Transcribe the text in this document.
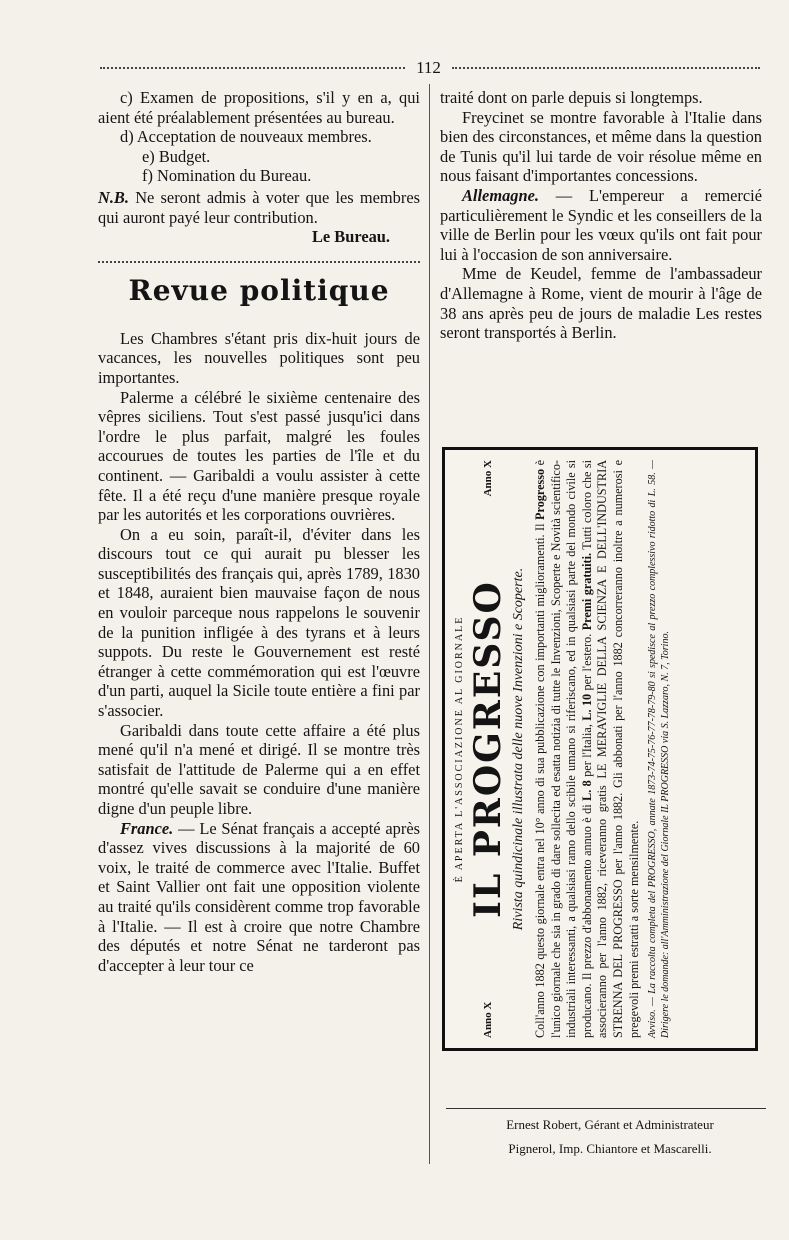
112

c) Examen de propositions, s'il y en a, qui aient été préalablement présentées au bureau.

d) Acceptation de nouveaux membres.

e) Budget.

f) Nomination du Bureau.

N.B. Ne seront admis à voter que les membres qui auront payé leur contribution.
Le Bureau.

Revue politique

Les Chambres s'étant pris dix-huit jours de vacances, les nouvelles politiques sont peu importantes.

Palerme a célébré le sixième centenaire des vêpres siciliens. Tout s'est passé jusqu'ici dans l'ordre le plus parfait, malgré les foules accourues de toutes les parties de l'île et du continent. — Garibaldi a voulu assister à cette fête. Il a été reçu d'une manière presque royale par les autorités et les corporations ouvrières.

On a eu soin, paraît-il, d'éviter dans les discours tout ce qui aurait pu blesser les susceptibilités des français qui, après 1789, 1830 et 1848, auraient bien mauvaise façon de nous en vouloir parceque nous rappelons le souvenir de la punition infligée à des tyrans et à leurs suppots. Du reste le Gouvernement est resté étranger à cette commémoration qui est l'œuvre d'un parti, auquel la Sicile toute entière a fini par s'associer.

Garibaldi dans toute cette affaire a été plus mené qu'il n'a mené et dirigé. Il se montre très satisfait de l'attitude de Palerme qui a en effet montré qu'elle savait se conduire d'une manière digne d'un peuple libre.

France. — Le Sénat français a accepté après d'assez vives discussions à la majorité de 60 voix, le traité de commerce avec l'Italie. Buffet et Saint Vallier ont fait une opposition violente au traité qu'ils considèrent comme trop favorable à l'Italie. — Il est à croire que notre Chambre des députés et notre Sénat ne tarderont pas d'accepter à leur tour ce

traité dont on parle depuis si longtemps.

Freycinet se montre favorable à l'Italie dans bien des circonstances, et même dans la question de Tunis qu'il lui tarde de voir résolue même en nous faisant d'importantes concessions.

Allemagne. — L'empereur a remercié particulièrement le Syndic et les conseillers de la ville de Berlin pour les vœux qu'ils ont fait pour lui à l'occasion de son anniversaire.

Mme de Keudel, femme de l'ambassadeur d'Allemagne à Rome, vient de mourir à l'âge de 38 ans après peu de jours de maladie Les restes seront transportés à Berlin.

È APERTA L'ASSOCIAZIONE AL GIORNALE
Anno X
IL PROGRESSO
Anno X
Rivista quindicinale illustrata delle nuove Invenzioni e Scoperte. Coll'anno 1882 questo giornale entra nel 10° anno di sua pubblicazione con importanti miglioramenti. Il Progresso è l'unico giornale che sia in grado di dare sollecita ed esatta notizia di tutte le Invenzioni, Scoperte e Novità scientifico-industriali interessanti, a qualsiasi ramo dello scibile umano si riferiscano, ed in qualsiasi parte del mondo civile si producano. Il prezzo d'abbonamento annuo è di L. 8 per l'Italia, L. 10 per l'estero. Premi gratuiti. Tutti coloro che si associeranno per l'anno 1882, riceveranno gratis LE MERAVIGLIE DELLA SCIENZA E DELL'INDUSTRIA STRENNA DEL PROGRESSO per l'anno 1882. Gli abbonati per l'anno 1882 concorreranno inoltre a numerosi e pregevoli premi estratti a sorte mensilmente. Avviso. — La raccolta completa del PROGRESSO, annate 1873-74-75-76-77-78-79-80 si spedisce al prezzo complessivo ridotto di L. 58. — Dirigere le domande: all'Amministrazione del Giornale IL PROGRESSO via S. Lazzaro, N. 7, Torino.
Ernest Robert, Gérant et Administrateur
Pignerol, Imp. Chiantore et Mascarelli.
